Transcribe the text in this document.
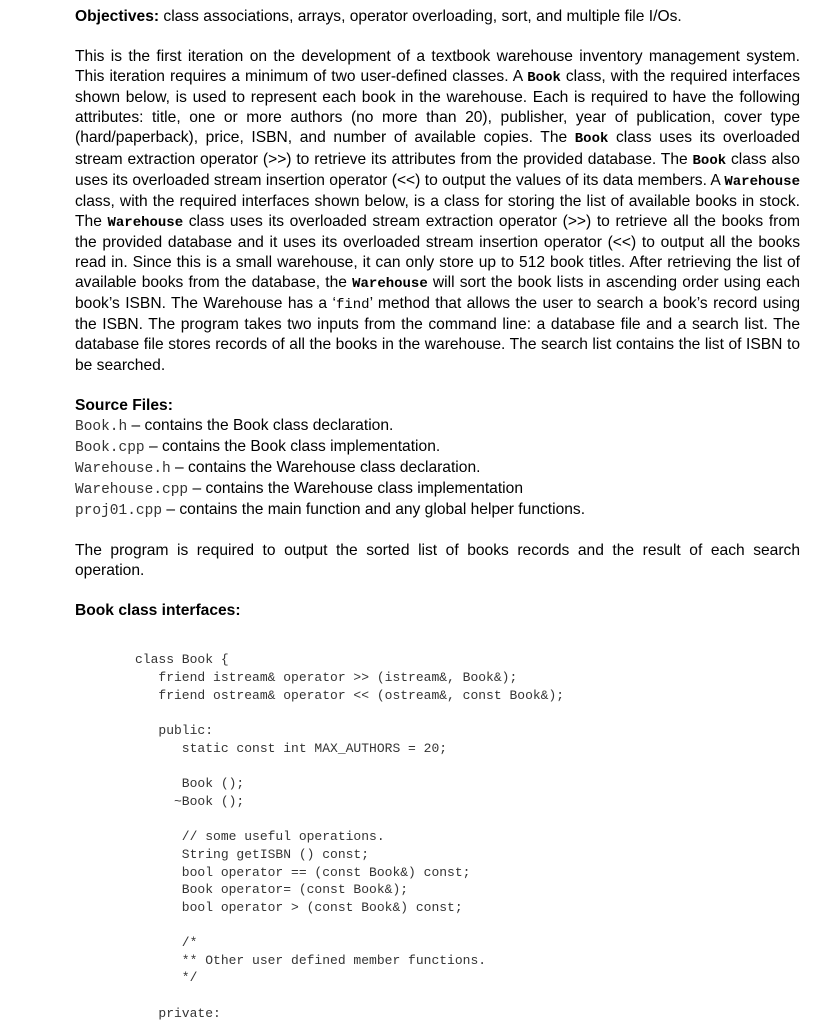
Objectives: class associations, arrays, operator overloading, sort, and multiple file I/Os.

This is the first iteration on the development of a textbook warehouse inventory management system. This iteration requires a minimum of two user-defined classes. A Book class, with the required interfaces shown below, is used to represent each book in the warehouse. Each is required to have the following attributes: title, one or more authors (no more than 20), publisher, year of publication, cover type (hard/paperback), price, ISBN, and number of available copies. The Book class uses its overloaded stream extraction operator (>>) to retrieve its attributes from the provided database. The Book class also uses its overloaded stream insertion operator (<<) to output the values of its data members. A Warehouse class, with the required interfaces shown below, is a class for storing the list of available books in stock. The Warehouse class uses its overloaded stream extraction operator (>>) to retrieve all the books from the provided database and it uses its overloaded stream insertion operator (<<) to output all the books read in. Since this is a small warehouse, it can only store up to 512 book titles. After retrieving the list of available books from the database, the Warehouse will sort the book lists in ascending order using each book’s ISBN. The Warehouse has a ‘find’ method that allows the user to search a book’s record using the ISBN. The program takes two inputs from the command line: a database file and a search list. The database file stores records of all the books in the warehouse. The search list contains the list of ISBN to be searched.

Source Files:

Book.h – contains the Book class declaration.

Book.cpp – contains the Book class implementation.

Warehouse.h – contains the Warehouse class declaration.

Warehouse.cpp – contains the Warehouse class implementation

proj01.cpp – contains the main function and any global helper functions.

The program is required to output the sorted list of books records and the result of each search operation.

Book class interfaces:

class Book {

friend istream& operator >> (istream&, Book&);

friend ostream& operator << (ostream&, const Book&);

public:

static const int MAX_AUTHORS = 20;

Book ();

~Book ();

// some useful operations.

String getISBN () const;

bool operator == (const Book&) const;

Book operator= (const Book&);

bool operator > (const Book&) const;

/*

** Other user defined member functions.

*/

private:
